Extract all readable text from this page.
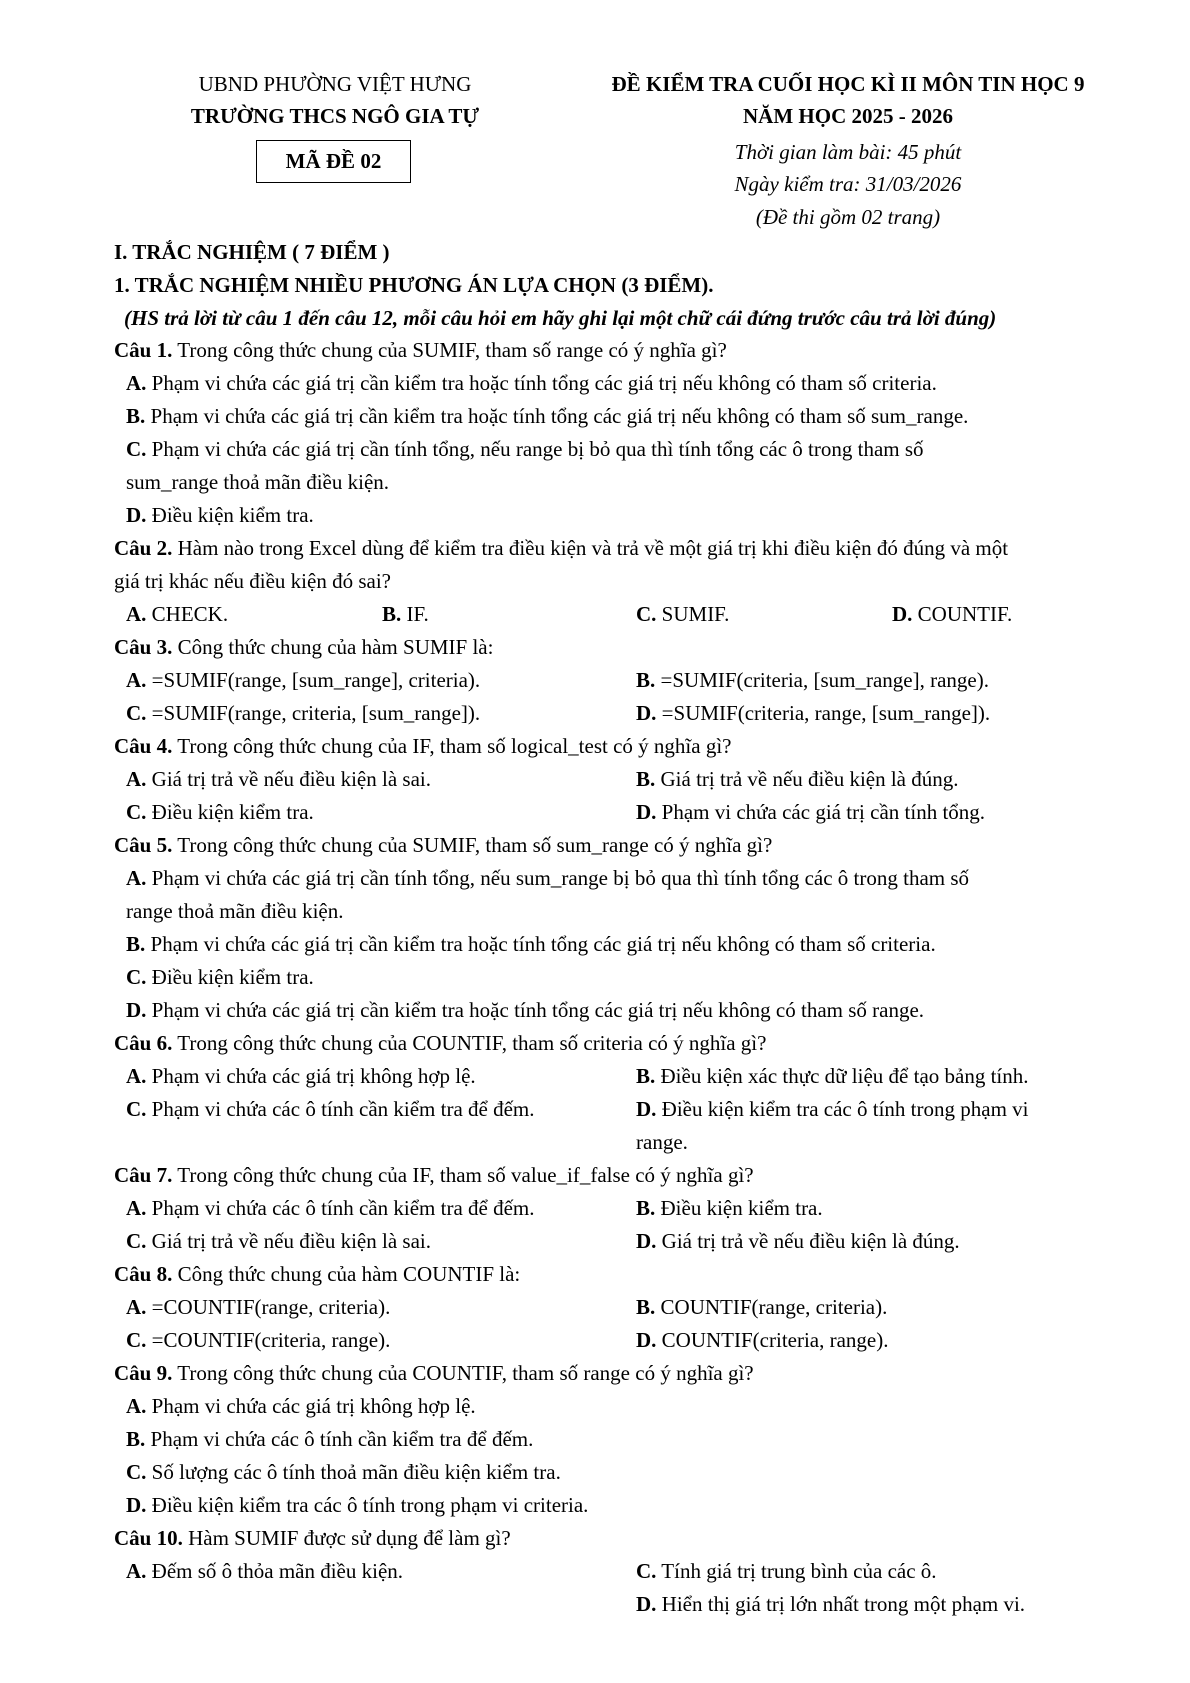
UBND PHƯỜNG VIỆT HƯNG
TRƯỜNG THCS NGÔ GIA TỰ
MÃ ĐỀ 02
ĐỀ KIỂM TRA CUỐI HỌC KÌ II MÔN TIN HỌC 9
NĂM HỌC 2025 - 2026
Thời gian làm bài: 45 phút
Ngày kiểm tra: 31/03/2026
(Đề thi gồm 02 trang)
I. TRẮC NGHIỆM ( 7 ĐIỂM )
1. TRẮC NGHIỆM NHIỀU PHƯƠNG ÁN LỰA CHỌN (3 ĐIỂM).
(HS trả lời từ câu 1 đến câu 12, mỗi câu hỏi em hãy ghi lại một chữ cái đứng trước câu trả lời đúng)
Câu 1. Trong công thức chung của SUMIF, tham số range có ý nghĩa gì?
A. Phạm vi chứa các giá trị cần kiểm tra hoặc tính tổng các giá trị nếu không có tham số criteria.
B. Phạm vi chứa các giá trị cần kiểm tra hoặc tính tổng các giá trị nếu không có tham số sum_range.
C. Phạm vi chứa các giá trị cần tính tổng, nếu range bị bỏ qua thì tính tổng các ô trong tham số
sum_range thoả mãn điều kiện.
D. Điều kiện kiểm tra.
Câu 2. Hàm nào trong Excel dùng để kiểm tra điều kiện và trả về một giá trị khi điều kiện đó đúng và một
giá trị khác nếu điều kiện đó sai?
A. CHECK.	B. IF.	C. SUMIF.	D. COUNTIF.
Câu 3. Công thức chung của hàm SUMIF là:
A. =SUMIF(range, [sum_range], criteria).	B. =SUMIF(criteria, [sum_range], range).
C. =SUMIF(range, criteria, [sum_range]).	D. =SUMIF(criteria, range, [sum_range]).
Câu 4. Trong công thức chung của IF, tham số logical_test có ý nghĩa gì?
A. Giá trị trả về nếu điều kiện là sai.	B. Giá trị trả về nếu điều kiện là đúng.
C. Điều kiện kiểm tra.	D. Phạm vi chứa các giá trị cần tính tổng.
Câu 5. Trong công thức chung của SUMIF, tham số sum_range có ý nghĩa gì?
A. Phạm vi chứa các giá trị cần tính tổng, nếu sum_range bị bỏ qua thì tính tổng các ô trong tham số
range thoả mãn điều kiện.
B. Phạm vi chứa các giá trị cần kiểm tra hoặc tính tổng các giá trị nếu không có tham số criteria.
C. Điều kiện kiểm tra.
D. Phạm vi chứa các giá trị cần kiểm tra hoặc tính tổng các giá trị nếu không có tham số range.
Câu 6. Trong công thức chung của COUNTIF, tham số criteria có ý nghĩa gì?
A. Phạm vi chứa các giá trị không hợp lệ.	B. Điều kiện xác thực dữ liệu để tạo bảng tính.
C. Phạm vi chứa các ô tính cần kiểm tra để đếm.	D. Điều kiện kiểm tra các ô tính trong phạm vi
range.
Câu 7. Trong công thức chung của IF, tham số value_if_false có ý nghĩa gì?
A. Phạm vi chứa các ô tính cần kiểm tra để đếm.	B. Điều kiện kiểm tra.
C. Giá trị trả về nếu điều kiện là sai.	D. Giá trị trả về nếu điều kiện là đúng.
Câu 8. Công thức chung của hàm COUNTIF là:
A. =COUNTIF(range, criteria).	B. COUNTIF(range, criteria).
C. =COUNTIF(criteria, range).	D. COUNTIF(criteria, range).
Câu 9. Trong công thức chung của COUNTIF, tham số range có ý nghĩa gì?
A. Phạm vi chứa các giá trị không hợp lệ.
B. Phạm vi chứa các ô tính cần kiểm tra để đếm.
C. Số lượng các ô tính thoả mãn điều kiện kiểm tra.
D. Điều kiện kiểm tra các ô tính trong phạm vi criteria.
Câu 10. Hàm SUMIF được sử dụng để làm gì?
A. Đếm số ô thỏa mãn điều kiện.	C. Tính giá trị trung bình của các ô.
D. Hiển thị giá trị lớn nhất trong một phạm vi.
